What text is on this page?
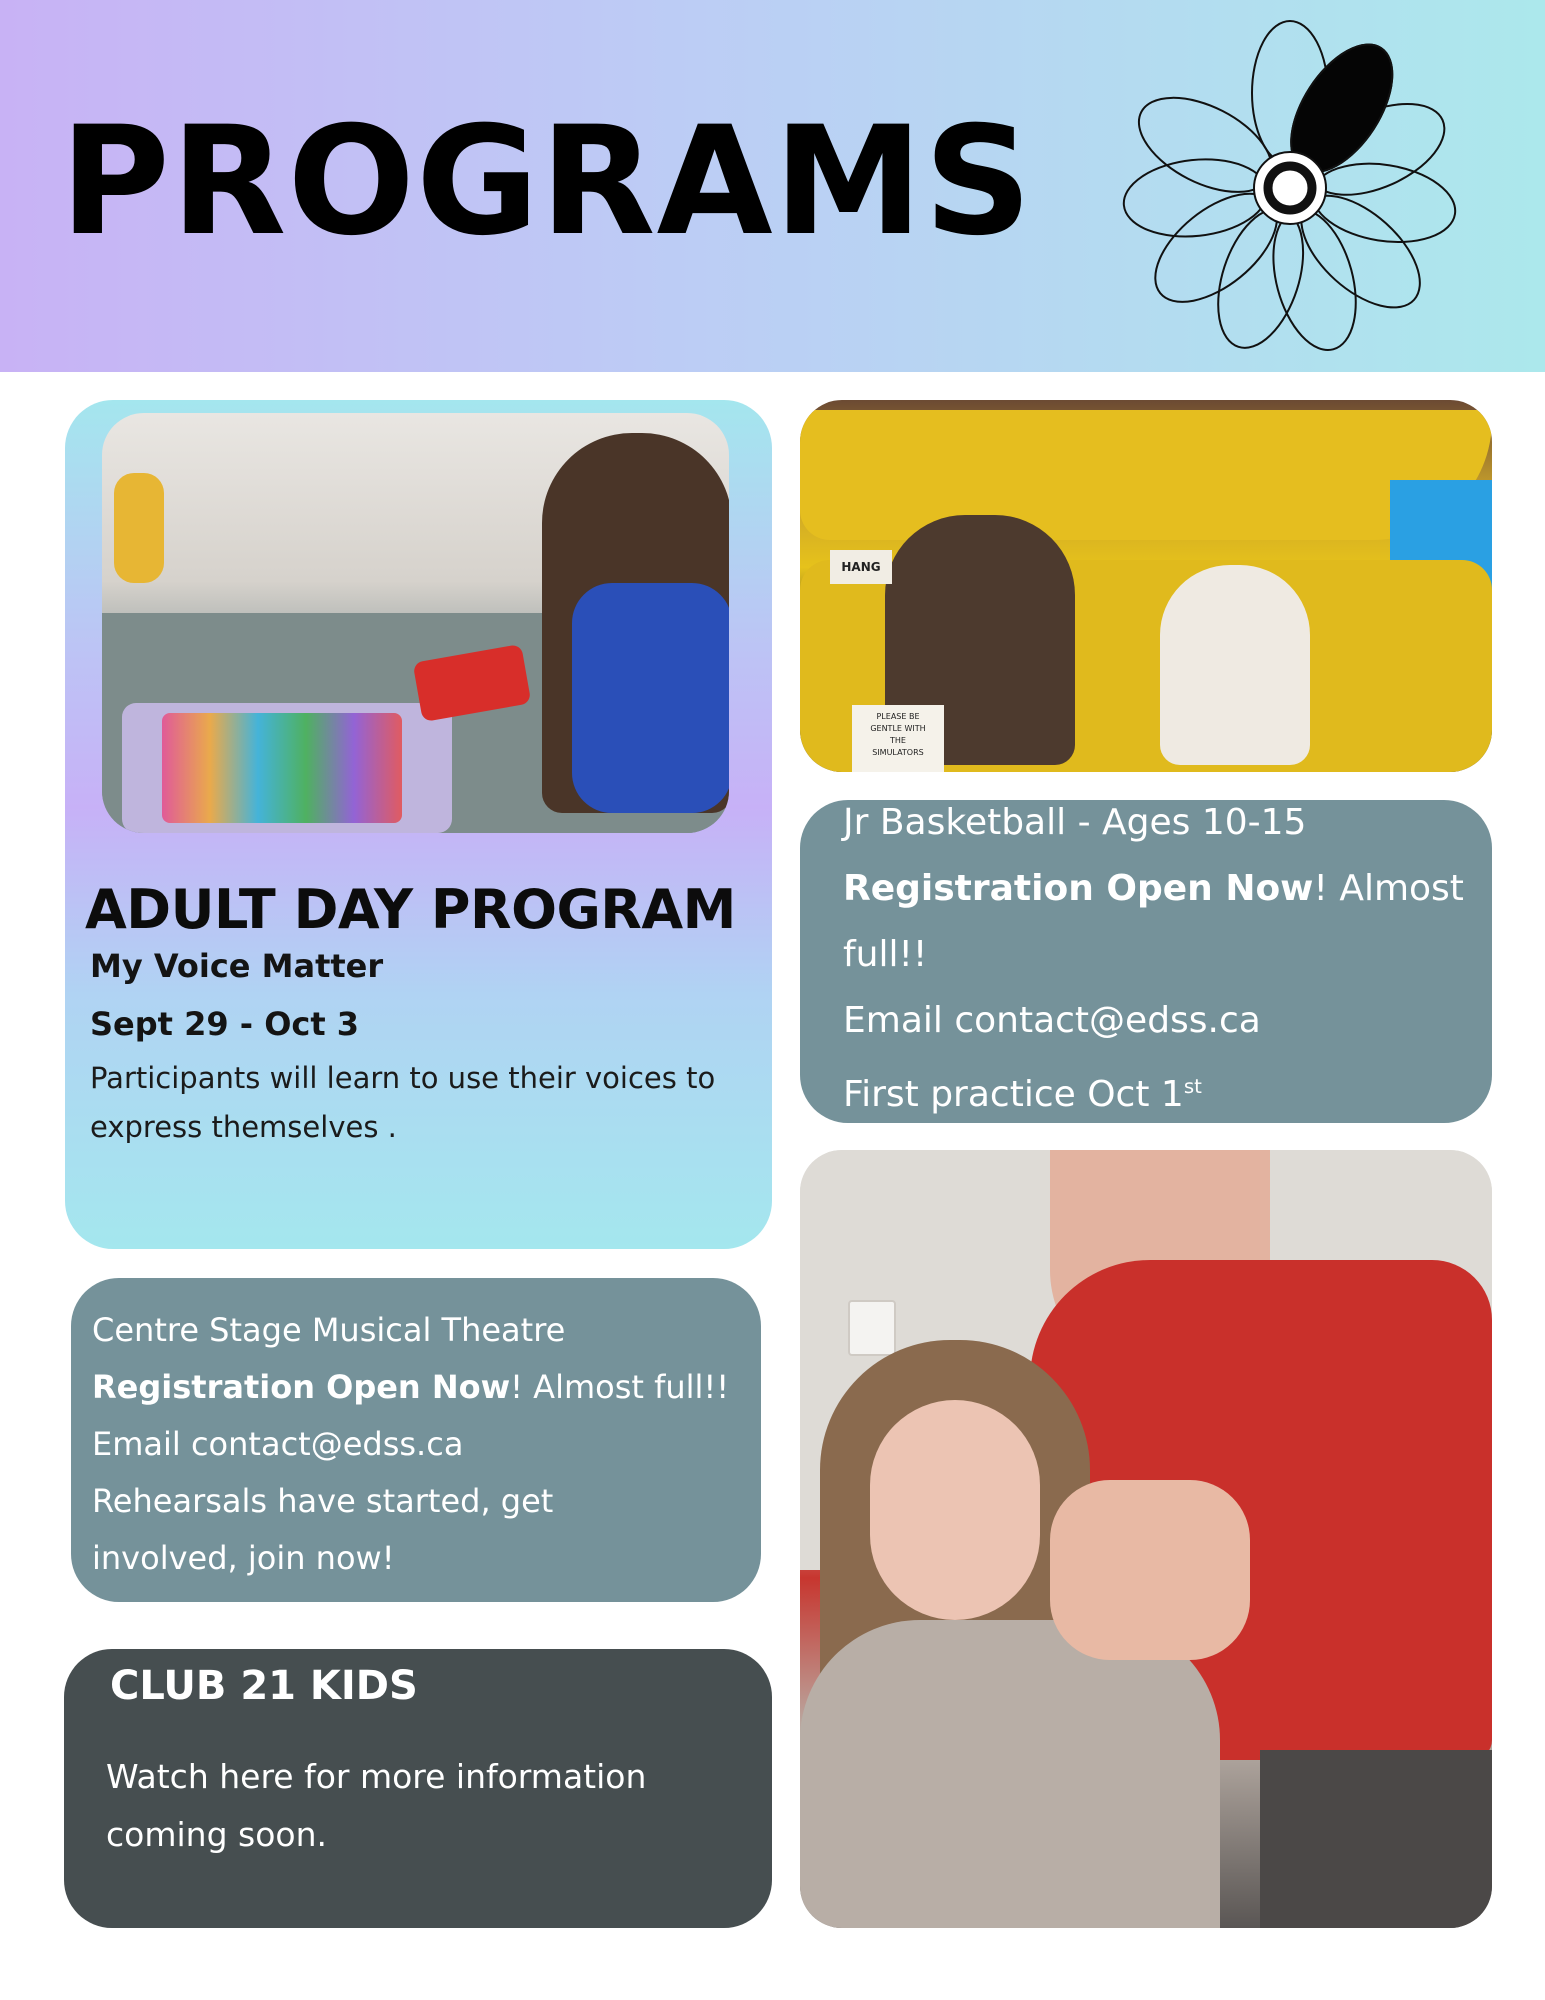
PROGRAMS
ADULT DAY PROGRAM

My Voice Matter

Sept 29 - Oct 3

Participants will learn to use their voices to express themselves .

HANG
PLEASE BE
GENTLE WITH
THE
SIMULATORS

Jr Basketball - Ages 10-15

Registration Open Now! Almost

full!!

Email contact@edss.ca

First practice Oct 1st

Centre Stage Musical Theatre

Registration Open Now! Almost full!!

Email contact@edss.ca

Rehearsals have started, get

involved, join now!

CLUB 21 KIDS

Watch here for more information coming soon.
